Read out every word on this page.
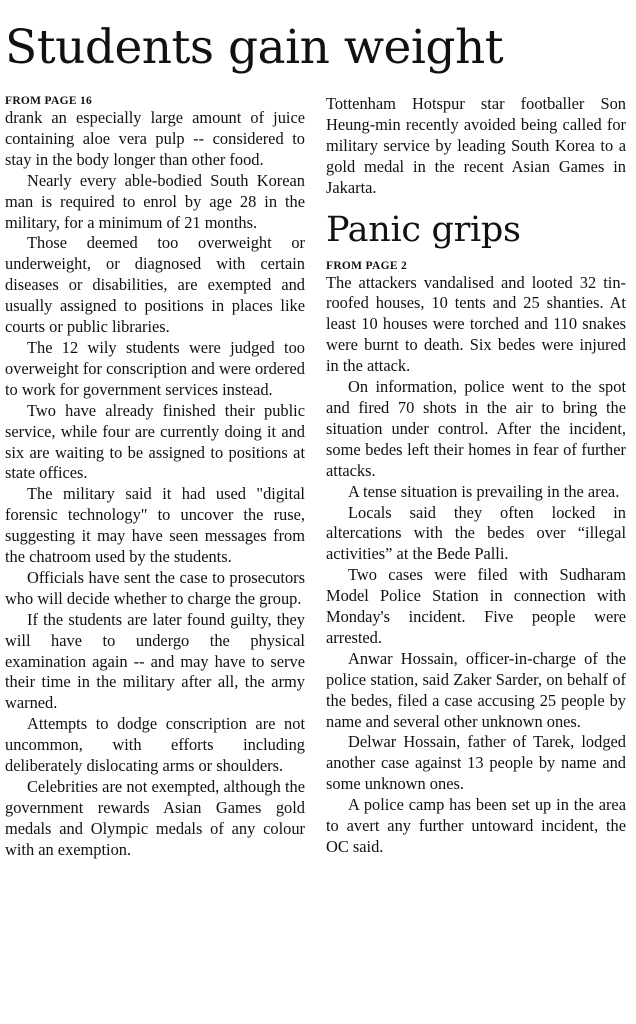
Students gain weight
FROM PAGE 16

drank an especially large amount of juice containing aloe vera pulp -- considered to stay in the body longer than other food.

Nearly every able-bodied South Korean man is required to enrol by age 28 in the military, for a minimum of 21 months.

Those deemed too overweight or underweight, or diagnosed with certain diseases or disabilities, are exempted and usually assigned to positions in places like courts or public libraries.

The 12 wily students were judged too overweight for conscription and were ordered to work for government services instead.

Two have already finished their public service, while four are currently doing it and six are waiting to be assigned to positions at state offices.

The military said it had used "digital forensic technology" to uncover the ruse, suggesting it may have seen messages from the chatroom used by the students.

Officials have sent the case to prosecutors who will decide whether to charge the group.

If the students are later found guilty, they will have to undergo the physical examination again -- and may have to serve their time in the military after all, the army warned.

Attempts to dodge conscription are not uncommon, with efforts including deliberately dislocating arms or shoulders.

Celebrities are not exempted, although the government rewards Asian Games gold medals and Olympic medals of any colour with an exemption.

Tottenham Hotspur star footballer Son Heung-min recently avoided being called for military service by leading South Korea to a gold medal in the recent Asian Games in Jakarta.

Panic grips
FROM PAGE 2

The attackers vandalised and looted 32 tin-roofed houses, 10 tents and 25 shanties. At least 10 houses were torched and 110 snakes were burnt to death. Six bedes were injured in the attack.

On information, police went to the spot and fired 70 shots in the air to bring the situation under control. After the incident, some bedes left their homes in fear of further attacks.

A tense situation is prevailing in the area.

Locals said they often locked in altercations with the bedes over “illegal activities” at the Bede Palli.

Two cases were filed with Sudharam Model Police Station in connection with Monday's incident. Five people were arrested.

Anwar Hossain, officer-in-charge of the police station, said Zaker Sarder, on behalf of the bedes, filed a case accusing 25 people by name and several other unknown ones.

Delwar Hossain, father of Tarek, lodged another case against 13 people by name and some unknown ones.

A police camp has been set up in the area to avert any further untoward incident, the OC said.
